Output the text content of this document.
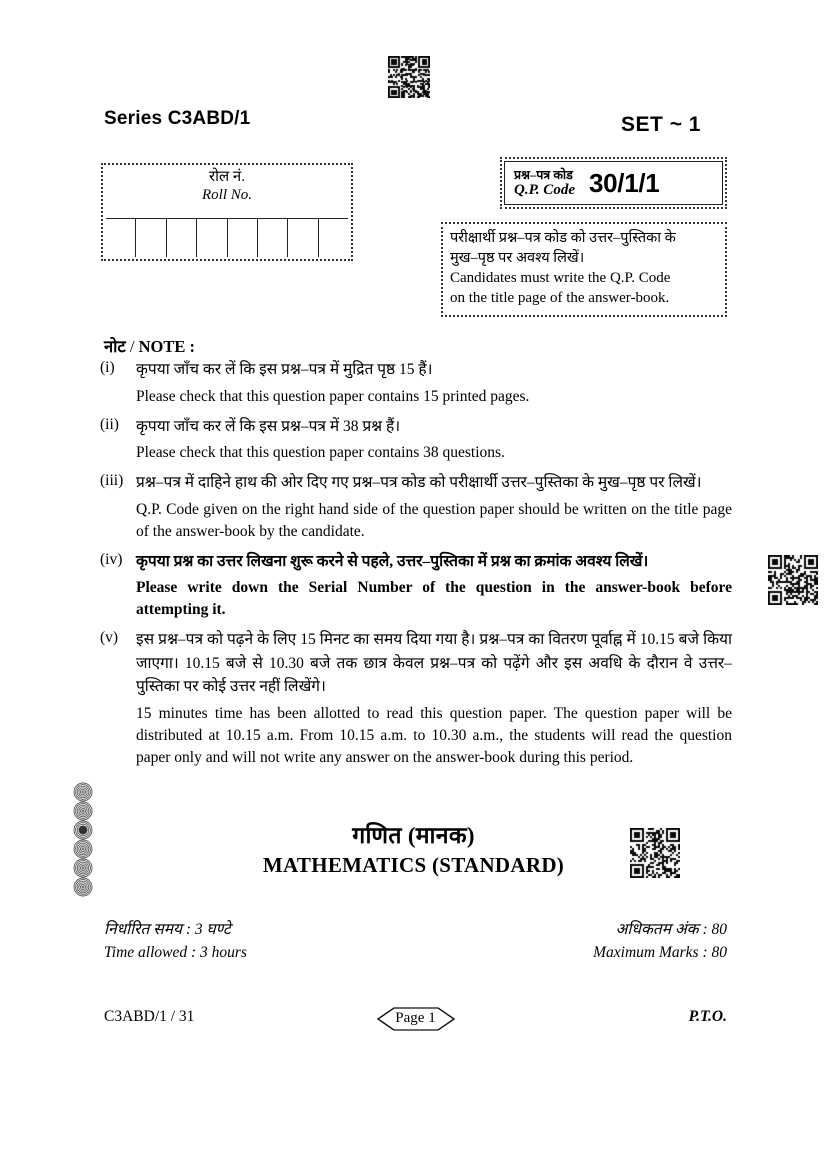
Series C3ABD/1	SET ~ 1
रोल नं.
Roll No.
प्रश्न–पत्र कोड
Q.P. Code 30/1/1
परीक्षार्थी प्रश्न–पत्र कोड को उत्तर–पुस्तिका के
मुख–पृष्ठ पर अवश्य लिखें।
Candidates must write the Q.P. Code
on the title page of the answer-book.
नोट / NOTE :
(i)	कृपया जाँच कर लें कि इस प्रश्न–पत्र में मुद्रित पृष्ठ 15 हैं।
Please check that this question paper contains 15 printed pages.
(ii)	कृपया जाँच कर लें कि इस प्रश्न–पत्र में 38 प्रश्न हैं।
Please check that this question paper contains 38 questions.
(iii) प्रश्न–पत्र में दाहिने हाथ की ओर दिए गए प्रश्न–पत्र कोड को परीक्षार्थी उत्तर–पुस्तिका के मुख–पृष्ठ पर लिखें।
Q.P. Code given on the right hand side of the question paper should be written on the title page of the answer-book by the candidate.
(iv) कृपया प्रश्न का उत्तर लिखना शुरू करने से पहले, उत्तर–पुस्तिका में प्रश्न का क्रमांक अवश्य लिखें।
Please write down the Serial Number of the question in the answer-book before attempting it.
(v)	इस प्रश्न–पत्र को पढ़ने के लिए 15 मिनट का समय दिया गया है। प्रश्न–पत्र का वितरण पूर्वाह्न में 10.15 बजे किया जाएगा। 10.15 बजे से 10.30 बजे तक छात्र केवल प्रश्न–पत्र को पढ़ेंगे और इस अवधि के दौरान वे उत्तर–पुस्तिका पर कोई उत्तर नहीं लिखेंगे।
15 minutes time has been allotted to read this question paper. The question paper will be distributed at 10.15 a.m. From 10.15 a.m. to 10.30 a.m., the students will read the question paper only and will not write any answer on the answer-book during this period.
गणित (मानक)
MATHEMATICS (STANDARD)
निर्धारित समय : 3 घण्टे
Time allowed : 3 hours
अधिकतम अंक : 80
Maximum Marks : 80
C3ABD/1 / 31	Page 1	P.T.O.
